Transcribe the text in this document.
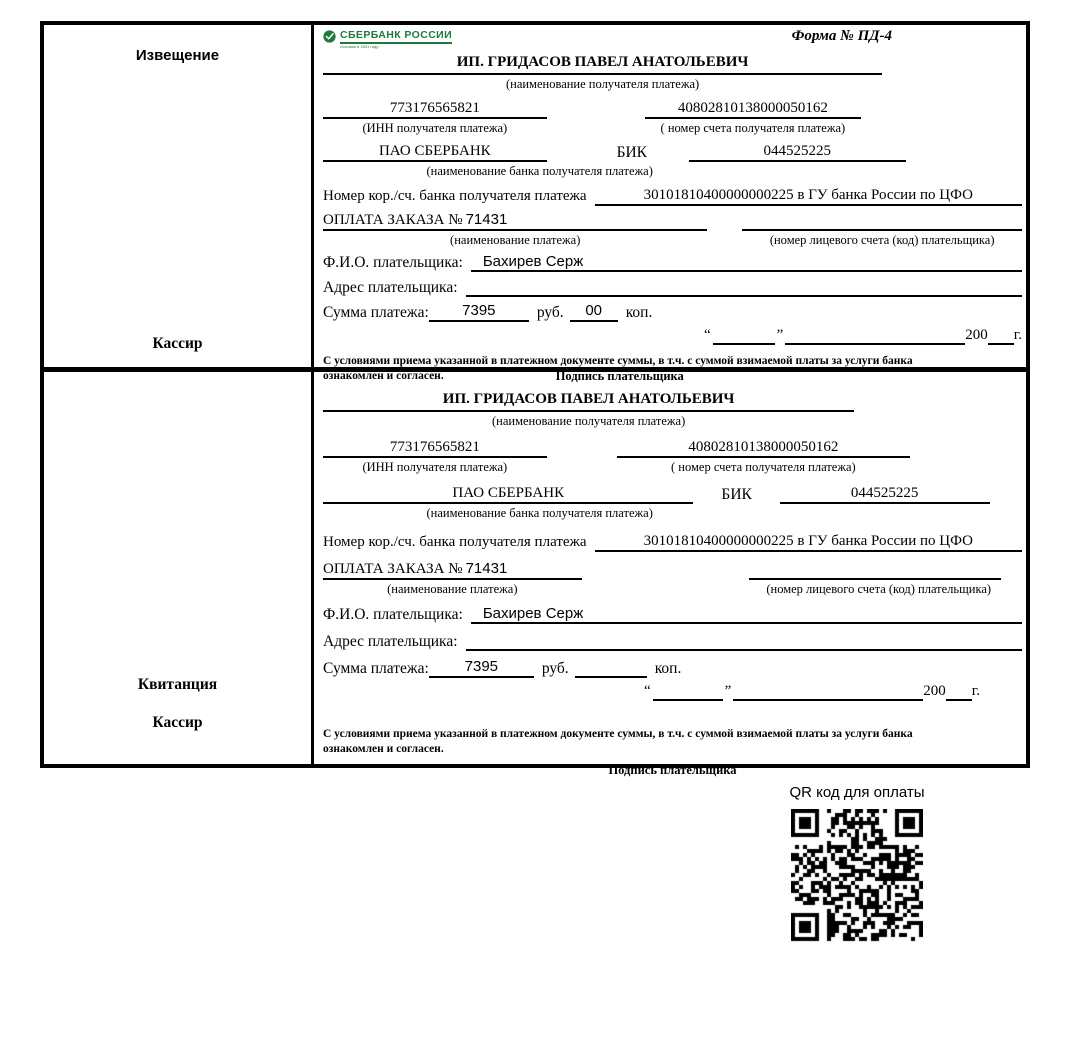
Извещение
Кассир
СБЕРБАНК РОССИИ
Основан в 1841 году
Форма № ПД-4
ИП. ГРИДАСОВ ПАВЕЛ АНАТОЛЬЕВИЧ
(наименование получателя платежа)
773176565821	40802810138000050162
(ИНН получателя платежа)	( номер счета получателя платежа)
ПАО СБЕРБАНК	БИК	044525225
(наименование банка получателя платежа)
Номер кор./сч. банка получателя платежа	30101810400000000225 в ГУ банка России по ЦФО
ОПЛАТА ЗАКАЗА № 71431
(наименование платежа)	(номер лицевого счета (код) плательщика)
Ф.И.О. плательщика:	Бахирев Серж
Адрес плательщика:
Сумма платежа:	7395	руб.	00	коп.
“	”	200 г.
С условиями приема указанной в платежном документе суммы, в т.ч. с суммой взимаемой платы за услуги банка
ознакомлен и согласен.	Подпись плательщика
Квитанция
Кассир
ИП. ГРИДАСОВ ПАВЕЛ АНАТОЛЬЕВИЧ
(наименование получателя платежа)
773176565821	40802810138000050162
(ИНН получателя платежа)	( номер счета получателя платежа)
ПАО СБЕРБАНК	БИК	044525225
(наименование банка получателя платежа)
Номер кор./сч. банка получателя платежа	30101810400000000225 в ГУ банка России по ЦФО
ОПЛАТА ЗАКАЗА № 71431
(наименование платежа)	(номер лицевого счета (код) плательщика)
Ф.И.О. плательщика:	Бахирев Серж
Адрес плательщика:
Сумма платежа:	7395	руб.	коп.
“	”	200 г.
С условиями приема указанной в платежном документе суммы, в т.ч. с суммой взимаемой платы за услуги банка
ознакомлен и согласен.
Подпись плательщика
QR код для оплаты
